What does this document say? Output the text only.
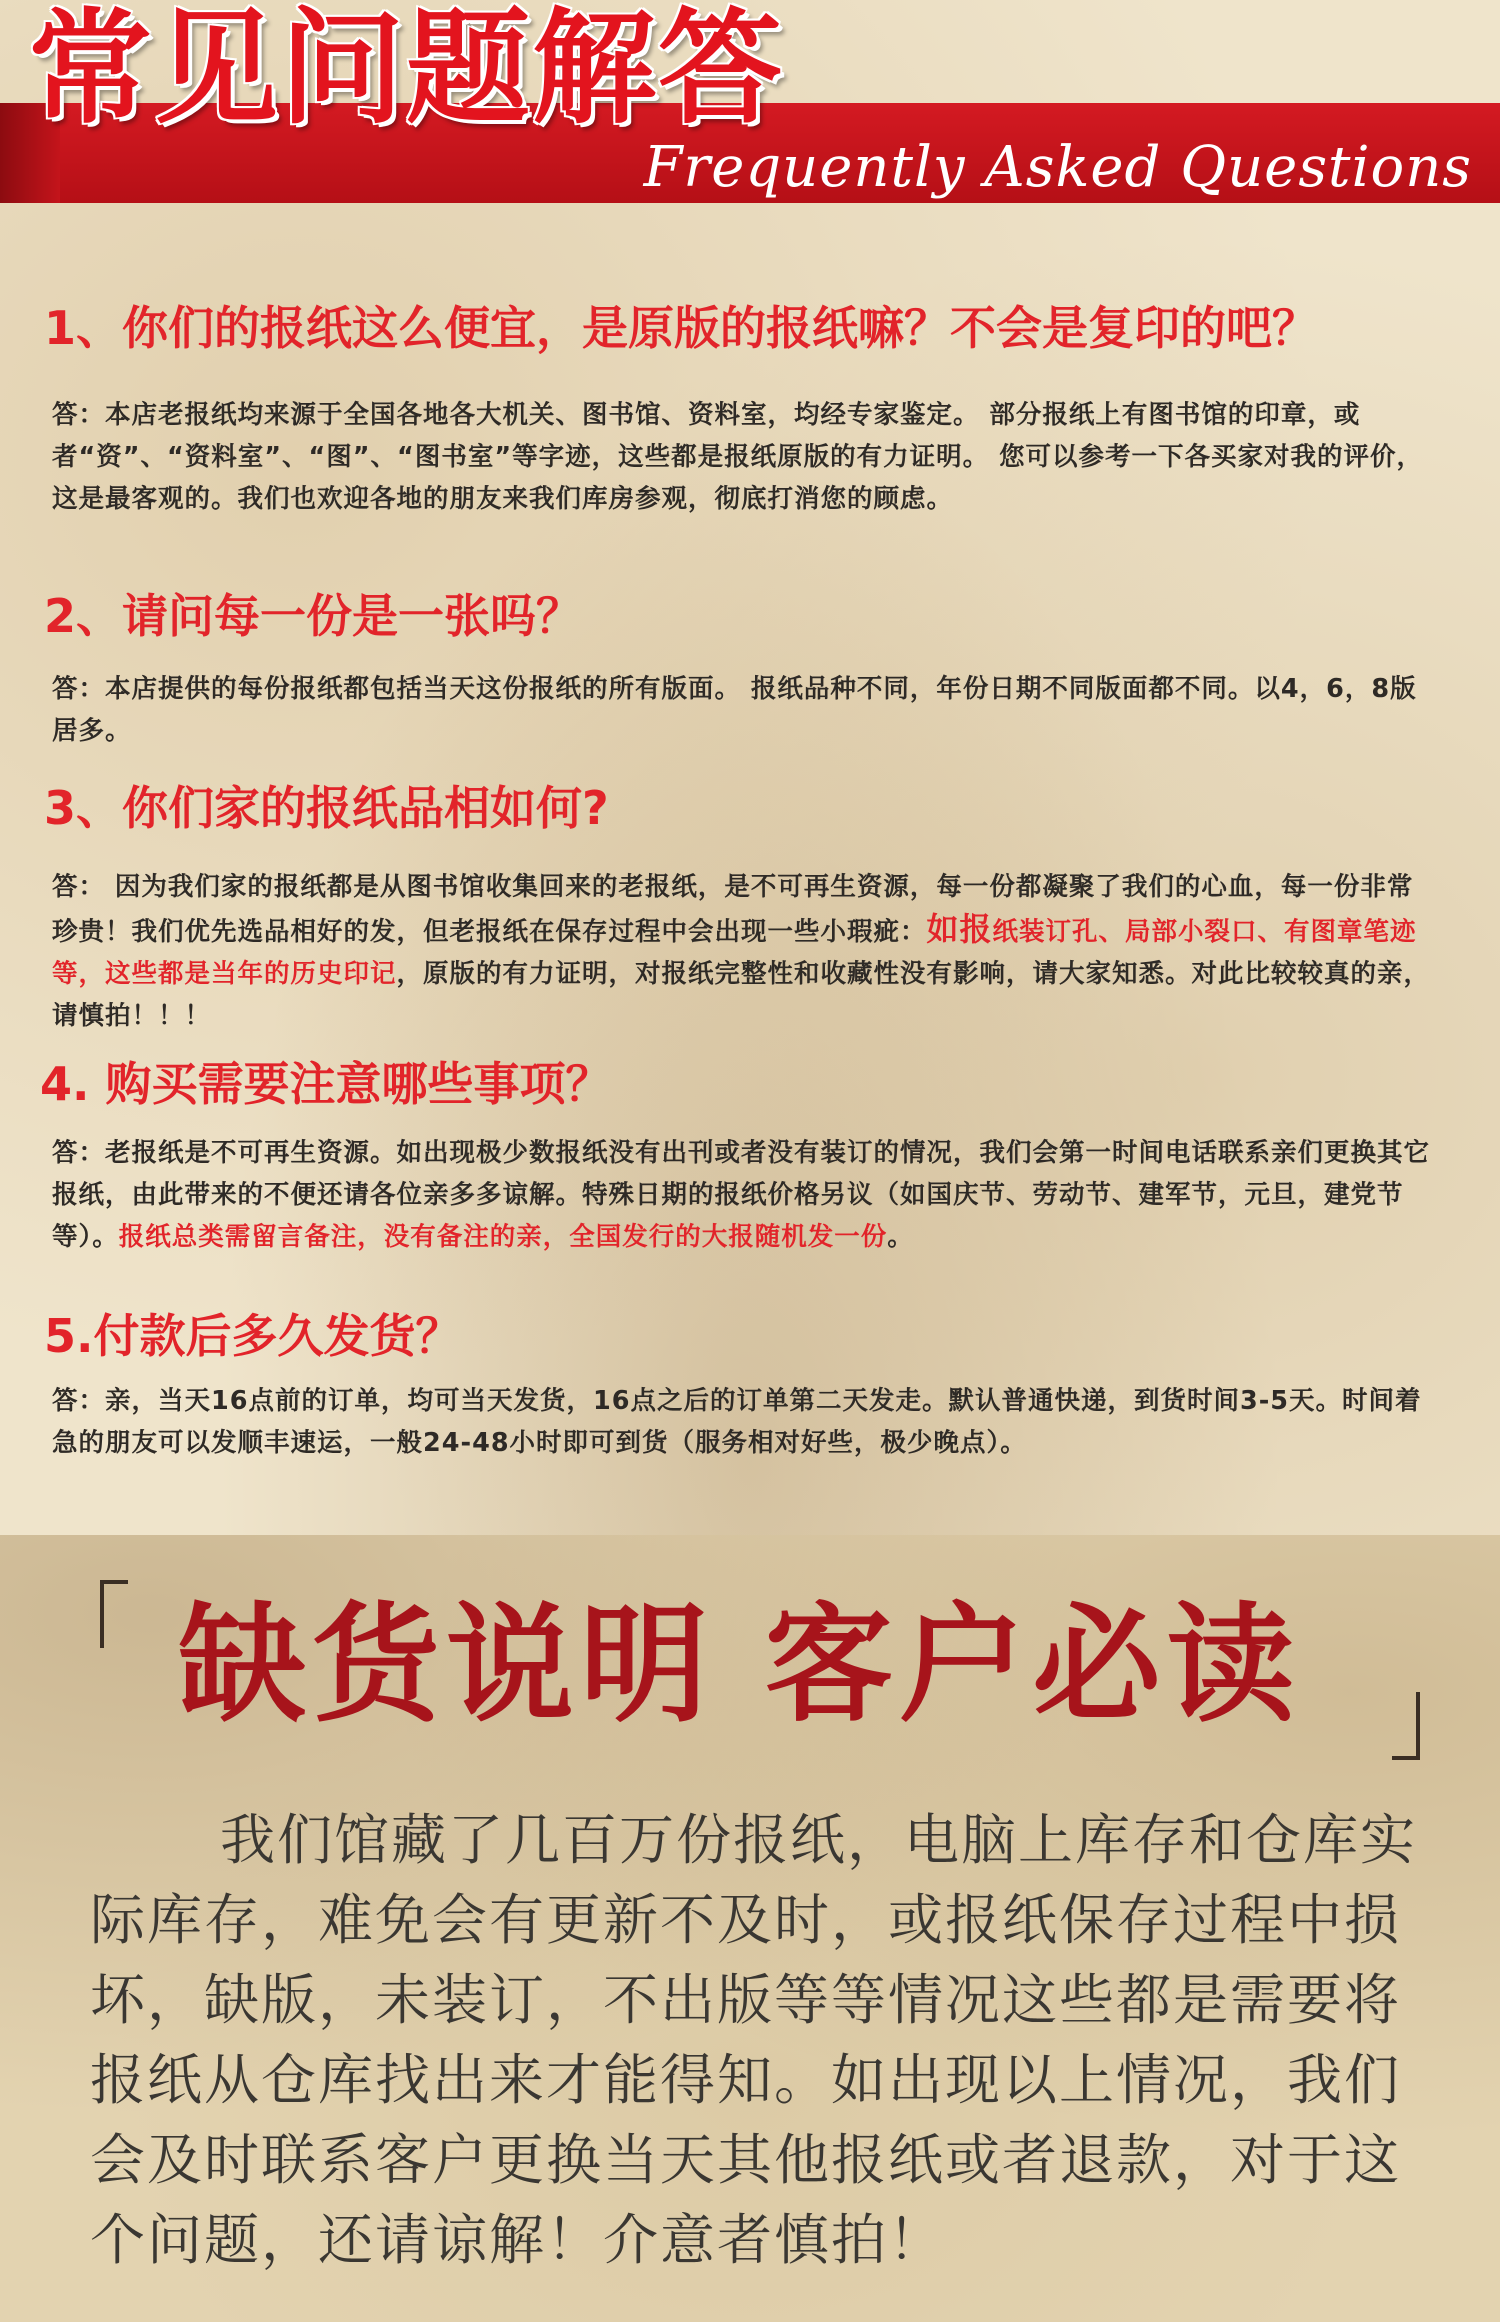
常见问题解答
Frequently Asked Questions
1、你们的报纸这么便宜，是原版的报纸嘛？不会是复印的吧？

答：本店老报纸均来源于全国各地各大机关、图书馆、资料室，均经专家鉴定。 部分报纸上有图书馆的印章，或者“资”、“资料室”、“图”、“图书室”等字迹，这些都是报纸原版的有力证明。 您可以参考一下各买家对我的评价，这是最客观的。我们也欢迎各地的朋友来我们库房参观，彻底打消您的顾虑。

2、请问每一份是一张吗？

答：本店提供的每份报纸都包括当天这份报纸的所有版面。 报纸品种不同，年份日期不同版面都不同。以4，6，8版居多。

3、你们家的报纸品相如何?

答： 因为我们家的报纸都是从图书馆收集回来的老报纸，是不可再生资源，每一份都凝聚了我们的心血，每一份非常珍贵！我们优先选品相好的发，但老报纸在保存过程中会出现一些小瑕疵：如报纸装订孔、局部小裂口、有图章笔迹等，这些都是当年的历史印记，原版的有力证明，对报纸完整性和收藏性没有影响，请大家知悉。对此比较较真的亲，请慎拍！！！

4. 购买需要注意哪些事项？

答：老报纸是不可再生资源。如出现极少数报纸没有出刊或者没有装订的情况，我们会第一时间电话联系亲们更换其它报纸，由此带来的不便还请各位亲多多谅解。特殊日期的报纸价格另议（如国庆节、劳动节、建军节，元旦，建党节等）。报纸总类需留言备注，没有备注的亲，全国发行的大报随机发一份。

5.付款后多久发货？

答：亲，当天16点前的订单，均可当天发货，16点之后的订单第二天发走。默认普通快递，到货时间3-5天。时间着急的朋友可以发顺丰速运，一般24-48小时即可到货（服务相对好些，极少晚点）。

缺货说明 客户必读

我们馆藏了几百万份报纸，电脑上库存和仓库实际库存，难免会有更新不及时，或报纸保存过程中损坏，缺版，未装订，不出版等等情况这些都是需要将报纸从仓库找出来才能得知。如出现以上情况，我们会及时联系客户更换当天其他报纸或者退款，对于这个问题，还请谅解！介意者慎拍！
